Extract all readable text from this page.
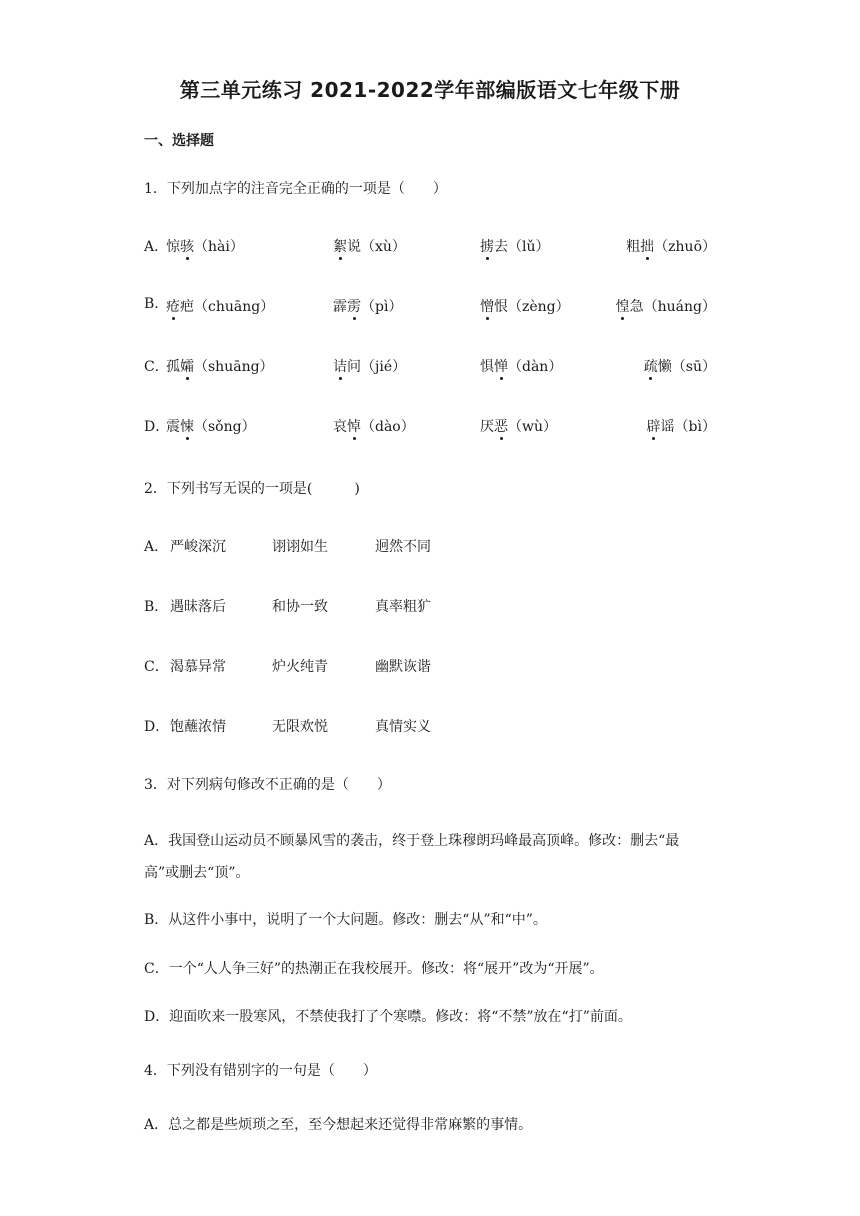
第三单元练习 2021-2022学年部编版语文七年级下册
一、选择题
1．下列加点字的注音完全正确的一项是（　　）
A．
惊骇（hài）	絮说（xù）	掳去（lǔ）	粗拙（zhuō）
B. 疮疤（chuāng）	霹雳（pì）	憎恨（zèng）	惶急（huáng）
C．
孤孀（shuāng）	诘问（jié）	惧惮（dàn）	疏懒（sū）
D．
震悚（sǒng）	哀悼（dào）	厌恶（wù）	辟谣（bì）
2．下列书写无误的一项是(　　　)
A． 严峻深沉	诩诩如生	迥然不同
B． 遇昧落后	和协一致	真率粗犷
C． 渴慕异常	炉火纯青	幽默诙谐
D． 饱蘸浓情	无限欢悦	真情实义
3．对下列病句修改不正确的是（　　）
A．我国登山运动员不顾暴风雪的袭击，终于登上珠穆朗玛峰最高顶峰。修改：删去“最
高”或删去“顶”。
B．从这件小事中，说明了一个大问题。修改：删去“从”和“中”。
C．一个“人人争三好”的热潮正在我校展开。修改：将“展开”改为“开展”。
D．迎面吹来一股寒风，不禁使我打了个寒噤。修改：将“不禁”放在“打”前面。
4．下列没有错别字的一句是（　　）
A．总之都是些烦琐之至，至今想起来还觉得非常麻繁的事情。
